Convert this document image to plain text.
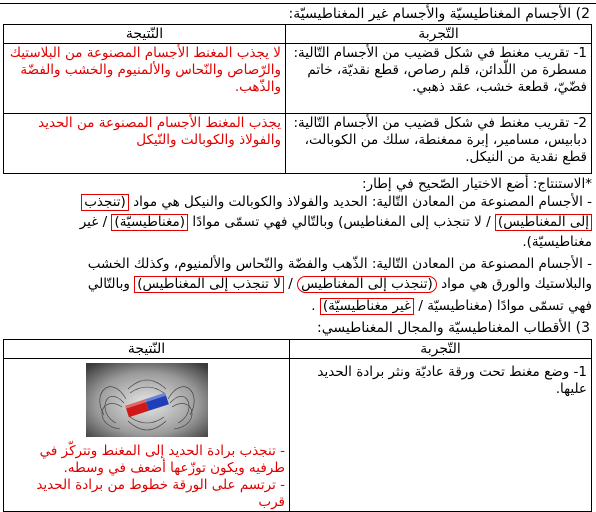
2) الأجسام المغناطيسيّة والأجسام غير المغناطيسيّة:
التّجربة	النّتيجة
1- تقريب مغنط في شكل قضيب من الأجسام التّالية: مسطرة من اللّدائن، قلم رصاص، قطع نقديّة، خاتم فضّيّ، قطعة خشب، عقد ذهبي.	لا يجذب المغنط الأجسام المصنوعة من البلاستيك والرّصاص والنّحاس والألمنيوم والخشب والفضّة والذّهب.
2- تقريب مغنط في شكل قضيب من الأجسام التّالية: دبابيس، مسامير، إبرة ممغنطة، سلك من الكوبالت، قطع نقدية من النيكل.	يجذب المغنط الأجسام المصنوعة من الحديد والفولاذ والكوبالت والنّيكل
*الاستنتاج: أضع الاختيار الصّحيح في إطار:
- الأجسام المصنوعة من المعادن التّالية: الحديد والفولاذ والكوبالت والنيكل هي مواد (تنجذب
إلى المغناطيس) / لا تنجذب إلى المغناطيس) وبالتّالي فهي تسمّى موادًا (مغناطيسيّة) / غير
مغناطيسيّة).
- الأجسام المصنوعة من المعادن التّالية: الذّهب والفضّة والنّحاس والألمنيوم، وكذلك الخشب
والبلاستيك والورق هي مواد (تنجذب إلى المغناطيس / لا تنجذب إلى المغناطيس) وبالتّالي
فهي تسمّى موادًا (مغناطيسيّة / غير مغناطيسيّة) .
3) الأقطاب المغناطيسيّة والمجال المغناطيسي:
التّجربة	النّتيجة

1- وضع مغنط تحت ورقة عاديّة ونثر برادة الحديد عليها.	- تنجذب برادة الحديد إلى المغنط وتتركّز في طرفيه ويكون توزّعها أضعف في وسطه.
- ترتسم على الورقة خطوط من برادة الحديد قرب
